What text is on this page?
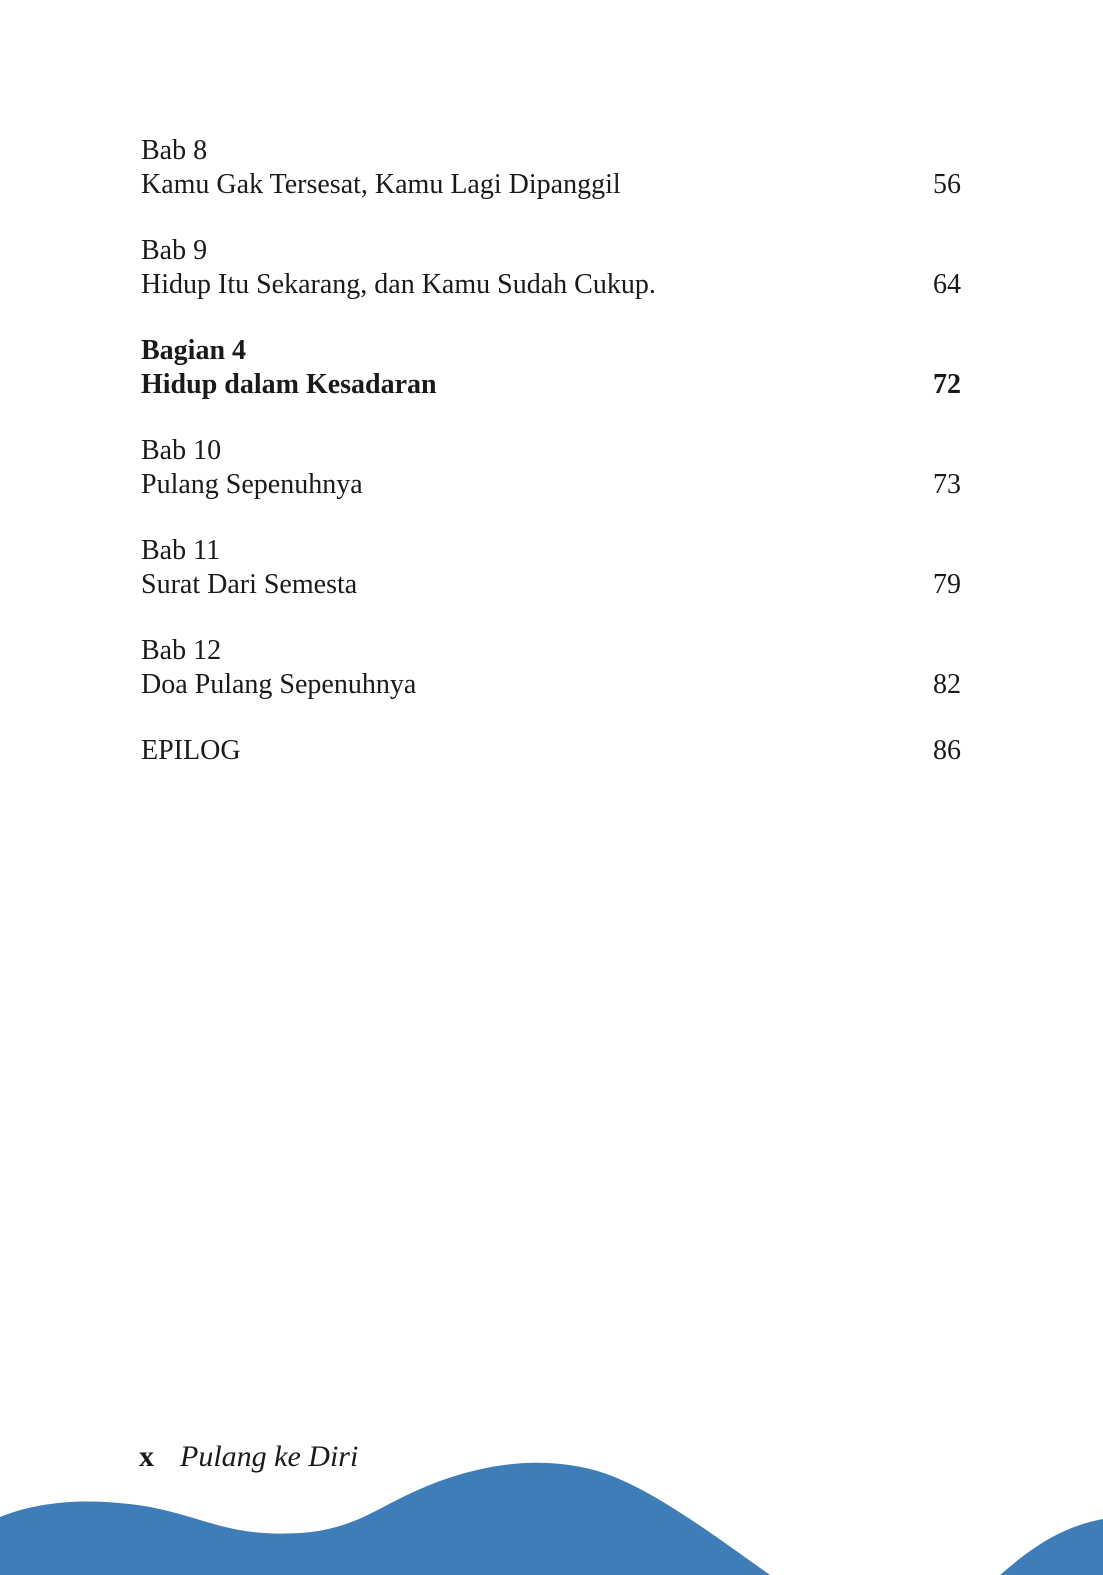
Bab 8
Kamu Gak Tersesat, Kamu Lagi Dipanggil	56
Bab 9
Hidup Itu Sekarang, dan Kamu Sudah Cukup.	64
Bagian 4
Hidup dalam Kesadaran	72
Bab 10
Pulang Sepenuhnya	73
Bab 11
Surat Dari Semesta	79
Bab 12
Doa Pulang Sepenuhnya	82
EPILOG	86
x Pulang ke Diri
